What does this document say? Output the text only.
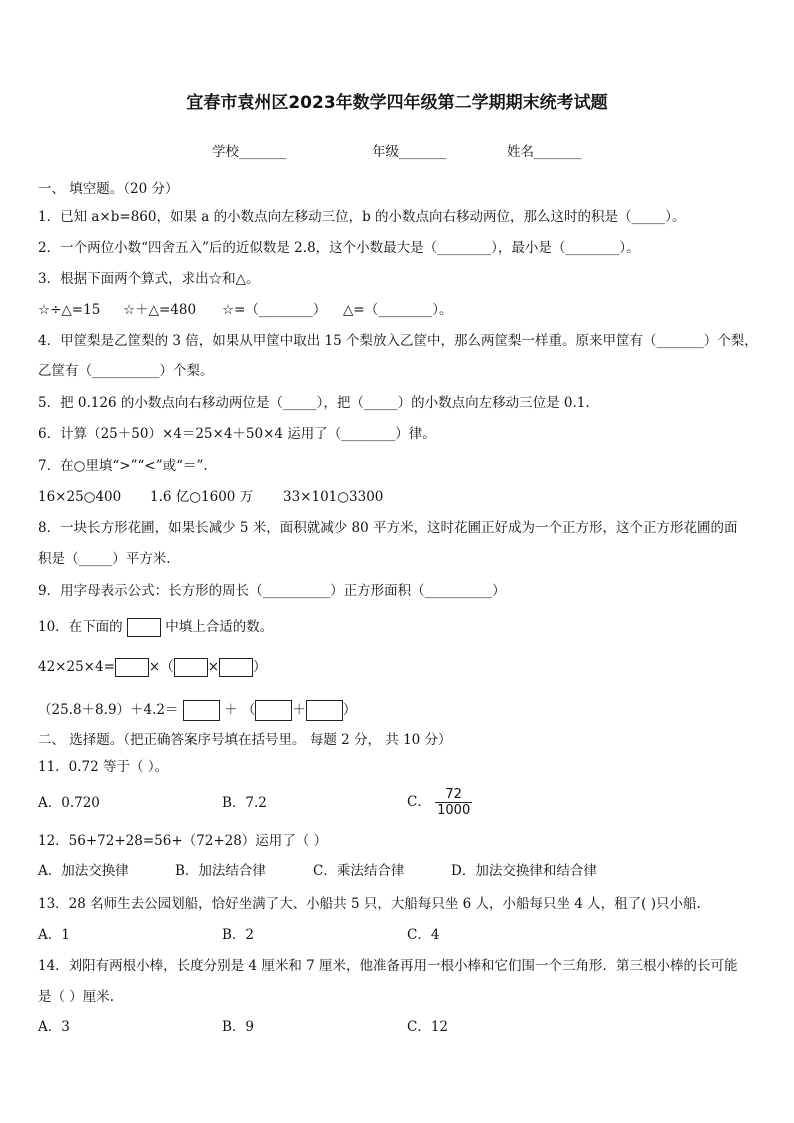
宜春市袁州区2023年数学四年级第二学期期末统考试题
学校_______	年级_______	姓名_______
一、 填空题。（20 分）
1．已知 a×b=860，如果 a 的小数点向左移动三位，b 的小数点向右移动两位，那么这时的积是（_____）。
2．一个两位小数“四舍五入”后的近似数是 2.8，这个小数最大是（________），最小是（________）。
3．根据下面两个算式，求出☆和△。
☆÷△=15 ☆＋△=480 ☆=（________） △=（________）。
4．甲筐梨是乙筐梨的 3 倍，如果从甲筐中取出 15 个梨放入乙筐中，那么两筐梨一样重。原来甲筐有（_______）个梨，
乙筐有（__________）个梨。
5．把 0.126 的小数点向右移动两位是（_____），把（_____）的小数点向左移动三位是 0.1.
6．计算（25＋50）×4＝25×4＋50×4 运用了（________）律。
7．在○里填“>”“<”或“＝”.
16×25○400 1.6 亿○1600 万 33×101○3300
8．一块长方形花圃，如果长减少 5 米，面积就减少 80 平方米，这时花圃正好成为一个正方形，这个正方形花圃的面
积是（_____）平方米.
9．用字母表示公式：长方形的周长（__________）正方形面积（__________）
10．在下面的	中填上合适的数。
42×25×4=	×（	×	）
（25.8＋8.9）＋4.2＝	＋ （	＋	）
二、 选择题。（把正确答案序号填在括号里。 每题 2 分， 共 10 分）
11．0.72 等于（ ）。
A．0.720	B．7.2	C． $\frac{72}{1000}$
12．56+72+28=56+（72+28）运用了（ ）
A．加法交换律	B．加法结合律	C．乘法结合律	D．加法交换律和结合律
13．28 名师生去公园划船，恰好坐满了大、小船共 5 只，大船每只坐 6 人，小船每只坐 4 人，租了( )只小船.
A．1	B．2	C．4
14．刘阳有两根小棒，长度分别是 4 厘米和 7 厘米，他准备再用一根小棒和它们围一个三角形．第三根小棒的长可能
是（ ）厘米.
A．3	B．9	C．12
